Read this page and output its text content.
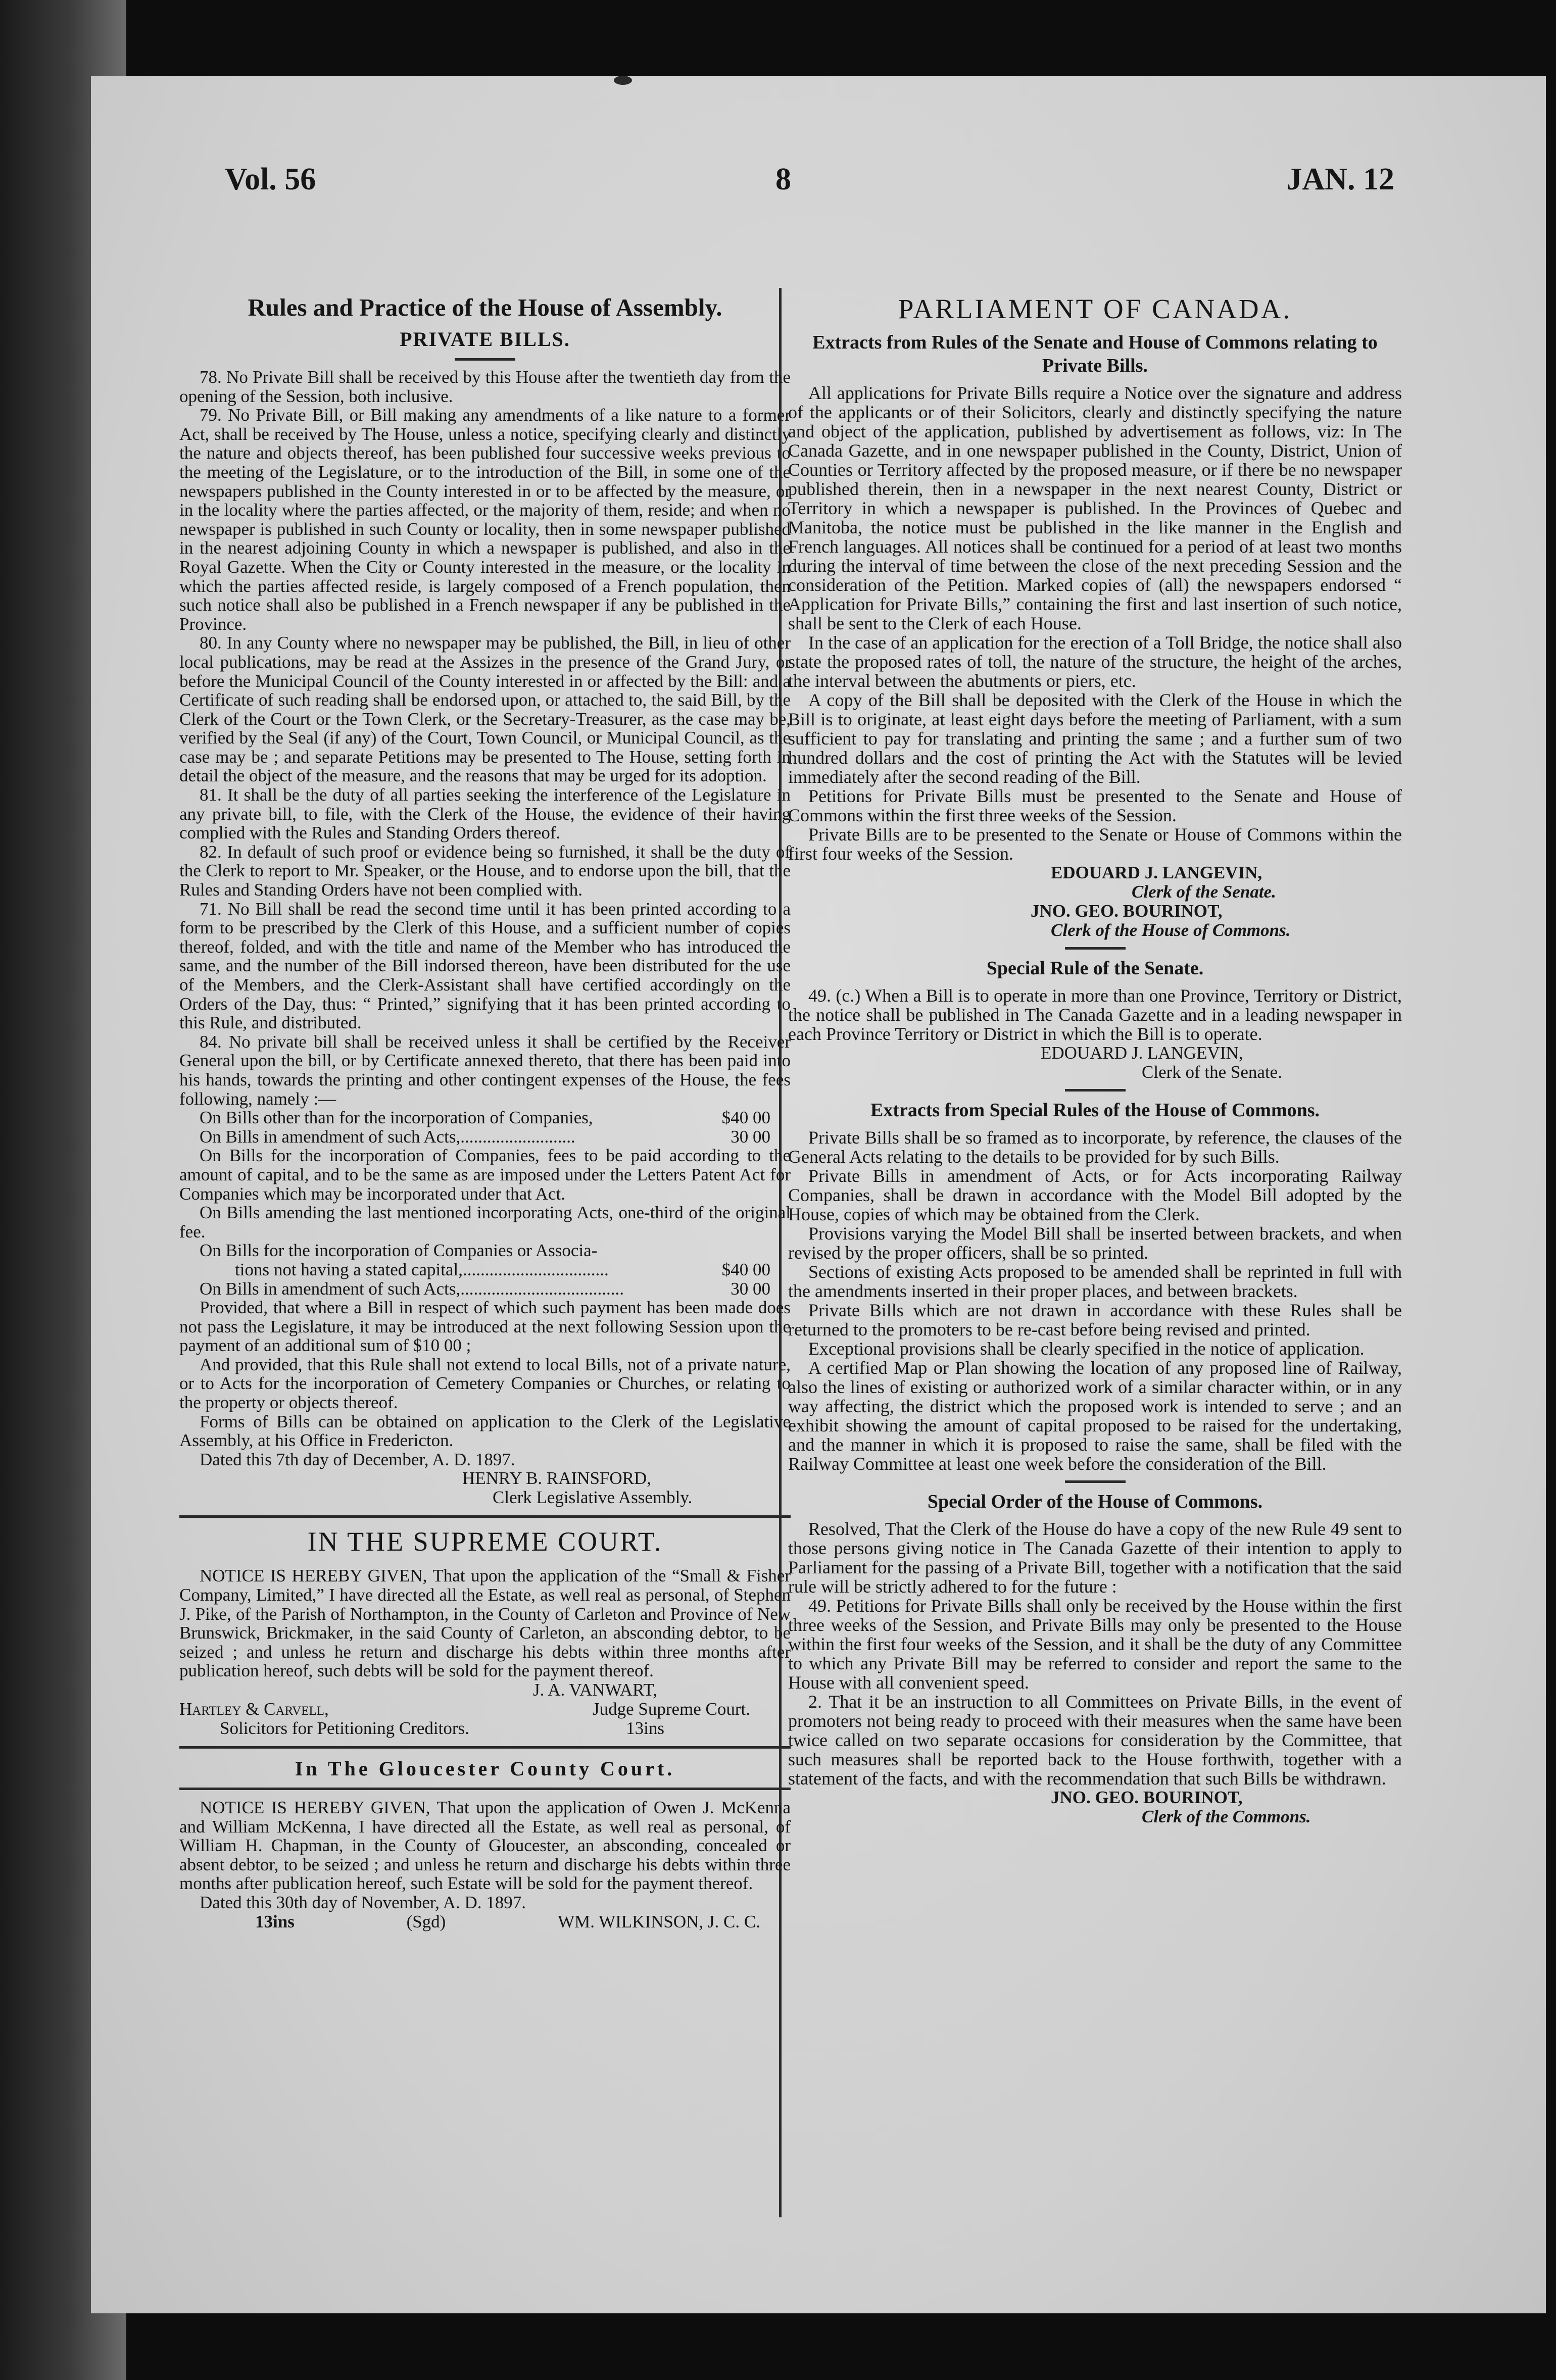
Vol. 56	8	JAN. 12
Rules and Practice of the House of Assembly.
PRIVATE BILLS.

78. No Private Bill shall be received by this House after the twentieth day from the opening of the Session, both inclusive.

79. No Private Bill, or Bill making any amendments of a like nature to a former Act, shall be received by The House, unless a notice, specifying clearly and distinctly the nature and objects thereof, has been published four successive weeks previous to the meeting of the Legislature, or to the introduction of the Bill, in some one of the newspapers published in the County interested in or to be affected by the measure, or in the locality where the parties affected, or the majority of them, reside; and when no newspaper is published in such County or locality, then in some newspaper published in the nearest adjoining County in which a newspaper is published, and also in the Royal Gazette. When the City or County interested in the measure, or the locality in which the parties affected reside, is largely composed of a French population, then such notice shall also be published in a French newspaper if any be published in the Province.

80. In any County where no newspaper may be published, the Bill, in lieu of other local publications, may be read at the Assizes in the presence of the Grand Jury, or before the Municipal Council of the County interested in or affected by the Bill: and a Certificate of such reading shall be endorsed upon, or attached to, the said Bill, by the Clerk of the Court or the Town Clerk, or the Secretary-Treasurer, as the case may be, verified by the Seal (if any) of the Court, Town Council, or Municipal Council, as the case may be ; and separate Petitions may be presented to The House, setting forth in detail the object of the measure, and the reasons that may be urged for its adoption.

81. It shall be the duty of all parties seeking the interference of the Legislature in any private bill, to file, with the Clerk of the House, the evidence of their having complied with the Rules and Standing Orders thereof.

82. In default of such proof or evidence being so furnished, it shall be the duty of the Clerk to report to Mr. Speaker, or the House, and to endorse upon the bill, that the Rules and Standing Orders have not been complied with.

71. No Bill shall be read the second time until it has been printed according to a form to be prescribed by the Clerk of this House, and a sufficient number of copies thereof, folded, and with the title and name of the Member who has introduced the same, and the number of the Bill indorsed thereon, have been distributed for the use of the Members, and the Clerk-Assistant shall have certified accordingly on the Orders of the Day, thus: “ Printed,” signifying that it has been printed according to this Rule, and distributed.

84. No private bill shall be received unless it shall be certified by the Receiver General upon the bill, or by Certificate annexed thereto, that there has been paid into his hands, towards the printing and other contingent expenses of the House, the fees following, namely :—

On Bills other than for the incorporation of Companies,	$40 00
On Bills in amendment of such Acts,..........................	30 00

On Bills for the incorporation of Companies, fees to be paid according to the amount of capital, and to be the same as are imposed under the Letters Patent Act for Companies which may be incorporated under that Act.

On Bills amending the last mentioned incorporating Acts, one-third of the original fee.

On Bills for the incorporation of Companies or Associa-

tions not having a stated capital,.................................	$40 00
On Bills in amendment of such Acts,.....................................	30 00

Provided, that where a Bill in respect of which such payment has been made does not pass the Legislature, it may be introduced at the next following Session upon the payment of an additional sum of $10 00 ;

And provided, that this Rule shall not extend to local Bills, not of a private nature, or to Acts for the incorporation of Cemetery Companies or Churches, or relating to the property or objects thereof.

Forms of Bills can be obtained on application to the Clerk of the Legislative Assembly, at his Office in Fredericton.

Dated this 7th day of December, A. D. 1897.

HENRY B. RAINSFORD,
Clerk Legislative Assembly.
IN THE SUPREME COURT.

NOTICE IS HEREBY GIVEN, That upon the application of the “Small & Fisher Company, Limited,” I have directed all the Estate, as well real as personal, of Stephen J. Pike, of the Parish of Northampton, in the County of Carleton and Province of New Brunswick, Brickmaker, in the said County of Carleton, an absconding debtor, to be seized ; and unless he return and discharge his debts within three months after publication hereof, such debts will be sold for the payment thereof.

J. A. VANWART,
Hartley & Carvell,	Judge Supreme Court.
Solicitors for Petitioning Creditors.	13ins
In The Gloucester County Court.

NOTICE IS HEREBY GIVEN, That upon the application of Owen J. McKenna and William McKenna, I have directed all the Estate, as well real as personal, of William H. Chapman, in the County of Gloucester, an absconding, concealed or absent debtor, to be seized ; and unless he return and discharge his debts within three months after publication hereof, such Estate will be sold for the payment thereof.

Dated this 30th day of November, A. D. 1897.

13ins	(Sgd)	WM. WILKINSON, J. C. C.
PARLIAMENT OF CANADA.
Extracts from Rules of the Senate and House of Commons relating to Private Bills.

All applications for Private Bills require a Notice over the signature and address of the applicants or of their Solicitors, clearly and distinctly specifying the nature and object of the application, published by advertisement as follows, viz: In The Canada Gazette, and in one newspaper published in the County, District, Union of Counties or Territory affected by the proposed measure, or if there be no newspaper published therein, then in a newspaper in the next nearest County, District or Territory in which a newspaper is published. In the Provinces of Quebec and Manitoba, the notice must be published in the like manner in the English and French languages. All notices shall be continued for a period of at least two months during the interval of time between the close of the next preceding Session and the consideration of the Petition. Marked copies of (all) the newspapers endorsed “ Application for Private Bills,” containing the first and last insertion of such notice, shall be sent to the Clerk of each House.

In the case of an application for the erection of a Toll Bridge, the notice shall also state the proposed rates of toll, the nature of the structure, the height of the arches, the interval between the abutments or piers, etc.

A copy of the Bill shall be deposited with the Clerk of the House in which the Bill is to originate, at least eight days before the meeting of Parliament, with a sum sufficient to pay for translating and printing the same ; and a further sum of two hundred dollars and the cost of printing the Act with the Statutes will be levied immediately after the second reading of the Bill.

Petitions for Private Bills must be presented to the Senate and House of Commons within the first three weeks of the Session.

Private Bills are to be presented to the Senate or House of Commons within the first four weeks of the Session.

EDOUARD J. LANGEVIN,
Clerk of the Senate.
JNO. GEO. BOURINOT,
Clerk of the House of Commons.
Special Rule of the Senate.

49. (c.) When a Bill is to operate in more than one Province, Territory or District, the notice shall be published in The Canada Gazette and in a leading newspaper in each Province Territory or District in which the Bill is to operate.

EDOUARD J. LANGEVIN,
Clerk of the Senate.
Extracts from Special Rules of the House of Commons.

Private Bills shall be so framed as to incorporate, by reference, the clauses of the General Acts relating to the details to be provided for by such Bills.

Private Bills in amendment of Acts, or for Acts incorporating Railway Companies, shall be drawn in accordance with the Model Bill adopted by the House, copies of which may be obtained from the Clerk.

Provisions varying the Model Bill shall be inserted between brackets, and when revised by the proper officers, shall be so printed.

Sections of existing Acts proposed to be amended shall be reprinted in full with the amendments inserted in their proper places, and between brackets.

Private Bills which are not drawn in accordance with these Rules shall be returned to the promoters to be re-cast before being revised and printed.

Exceptional provisions shall be clearly specified in the notice of application.

A certified Map or Plan showing the location of any proposed line of Railway, also the lines of existing or authorized work of a similar character within, or in any way affecting, the district which the proposed work is intended to serve ; and an exhibit showing the amount of capital proposed to be raised for the undertaking, and the manner in which it is proposed to raise the same, shall be filed with the Railway Committee at least one week before the consideration of the Bill.

Special Order of the House of Commons.

Resolved, That the Clerk of the House do have a copy of the new Rule 49 sent to those persons giving notice in The Canada Gazette of their intention to apply to Parliament for the passing of a Private Bill, together with a notification that the said rule will be strictly adhered to for the future :

49. Petitions for Private Bills shall only be received by the House within the first three weeks of the Session, and Private Bills may only be presented to the House within the first four weeks of the Session, and it shall be the duty of any Committee to which any Private Bill may be referred to consider and report the same to the House with all convenient speed.

2. That it be an instruction to all Committees on Private Bills, in the event of promoters not being ready to proceed with their measures when the same have been twice called on two separate occasions for consideration by the Committee, that such measures shall be reported back to the House forthwith, together with a statement of the facts, and with the recommendation that such Bills be withdrawn.

JNO. GEO. BOURINOT,
Clerk of the Commons.
